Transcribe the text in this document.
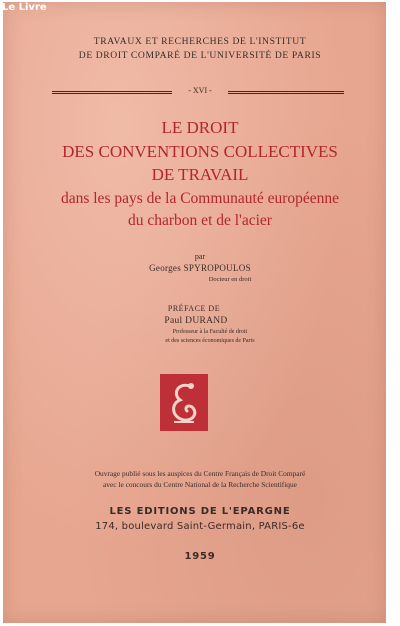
Le Livre
TRAVAUX ET RECHERCHES DE L'INSTITUT
DE DROIT COMPARÉ DE L'UNIVERSITÉ DE PARIS
- XVI -
LE DROIT
DES CONVENTIONS COLLECTIVES
DE TRAVAIL
dans les pays de la Communauté européenne
du charbon et de l'acier
par
Georges SPYROPOULOS
Docteur en droit
PRÉFACE DE
Paul DURAND
Professeur à la Faculté de droit
et des sciences économiques de Paris
Ouvrage publié sous les auspices du Centre Français de Droit Comparé
avec le concours du Centre National de la Recherche Scientifique
LES EDITIONS DE L'EPARGNE
174, boulevard Saint-Germain, PARIS-6e
1959
